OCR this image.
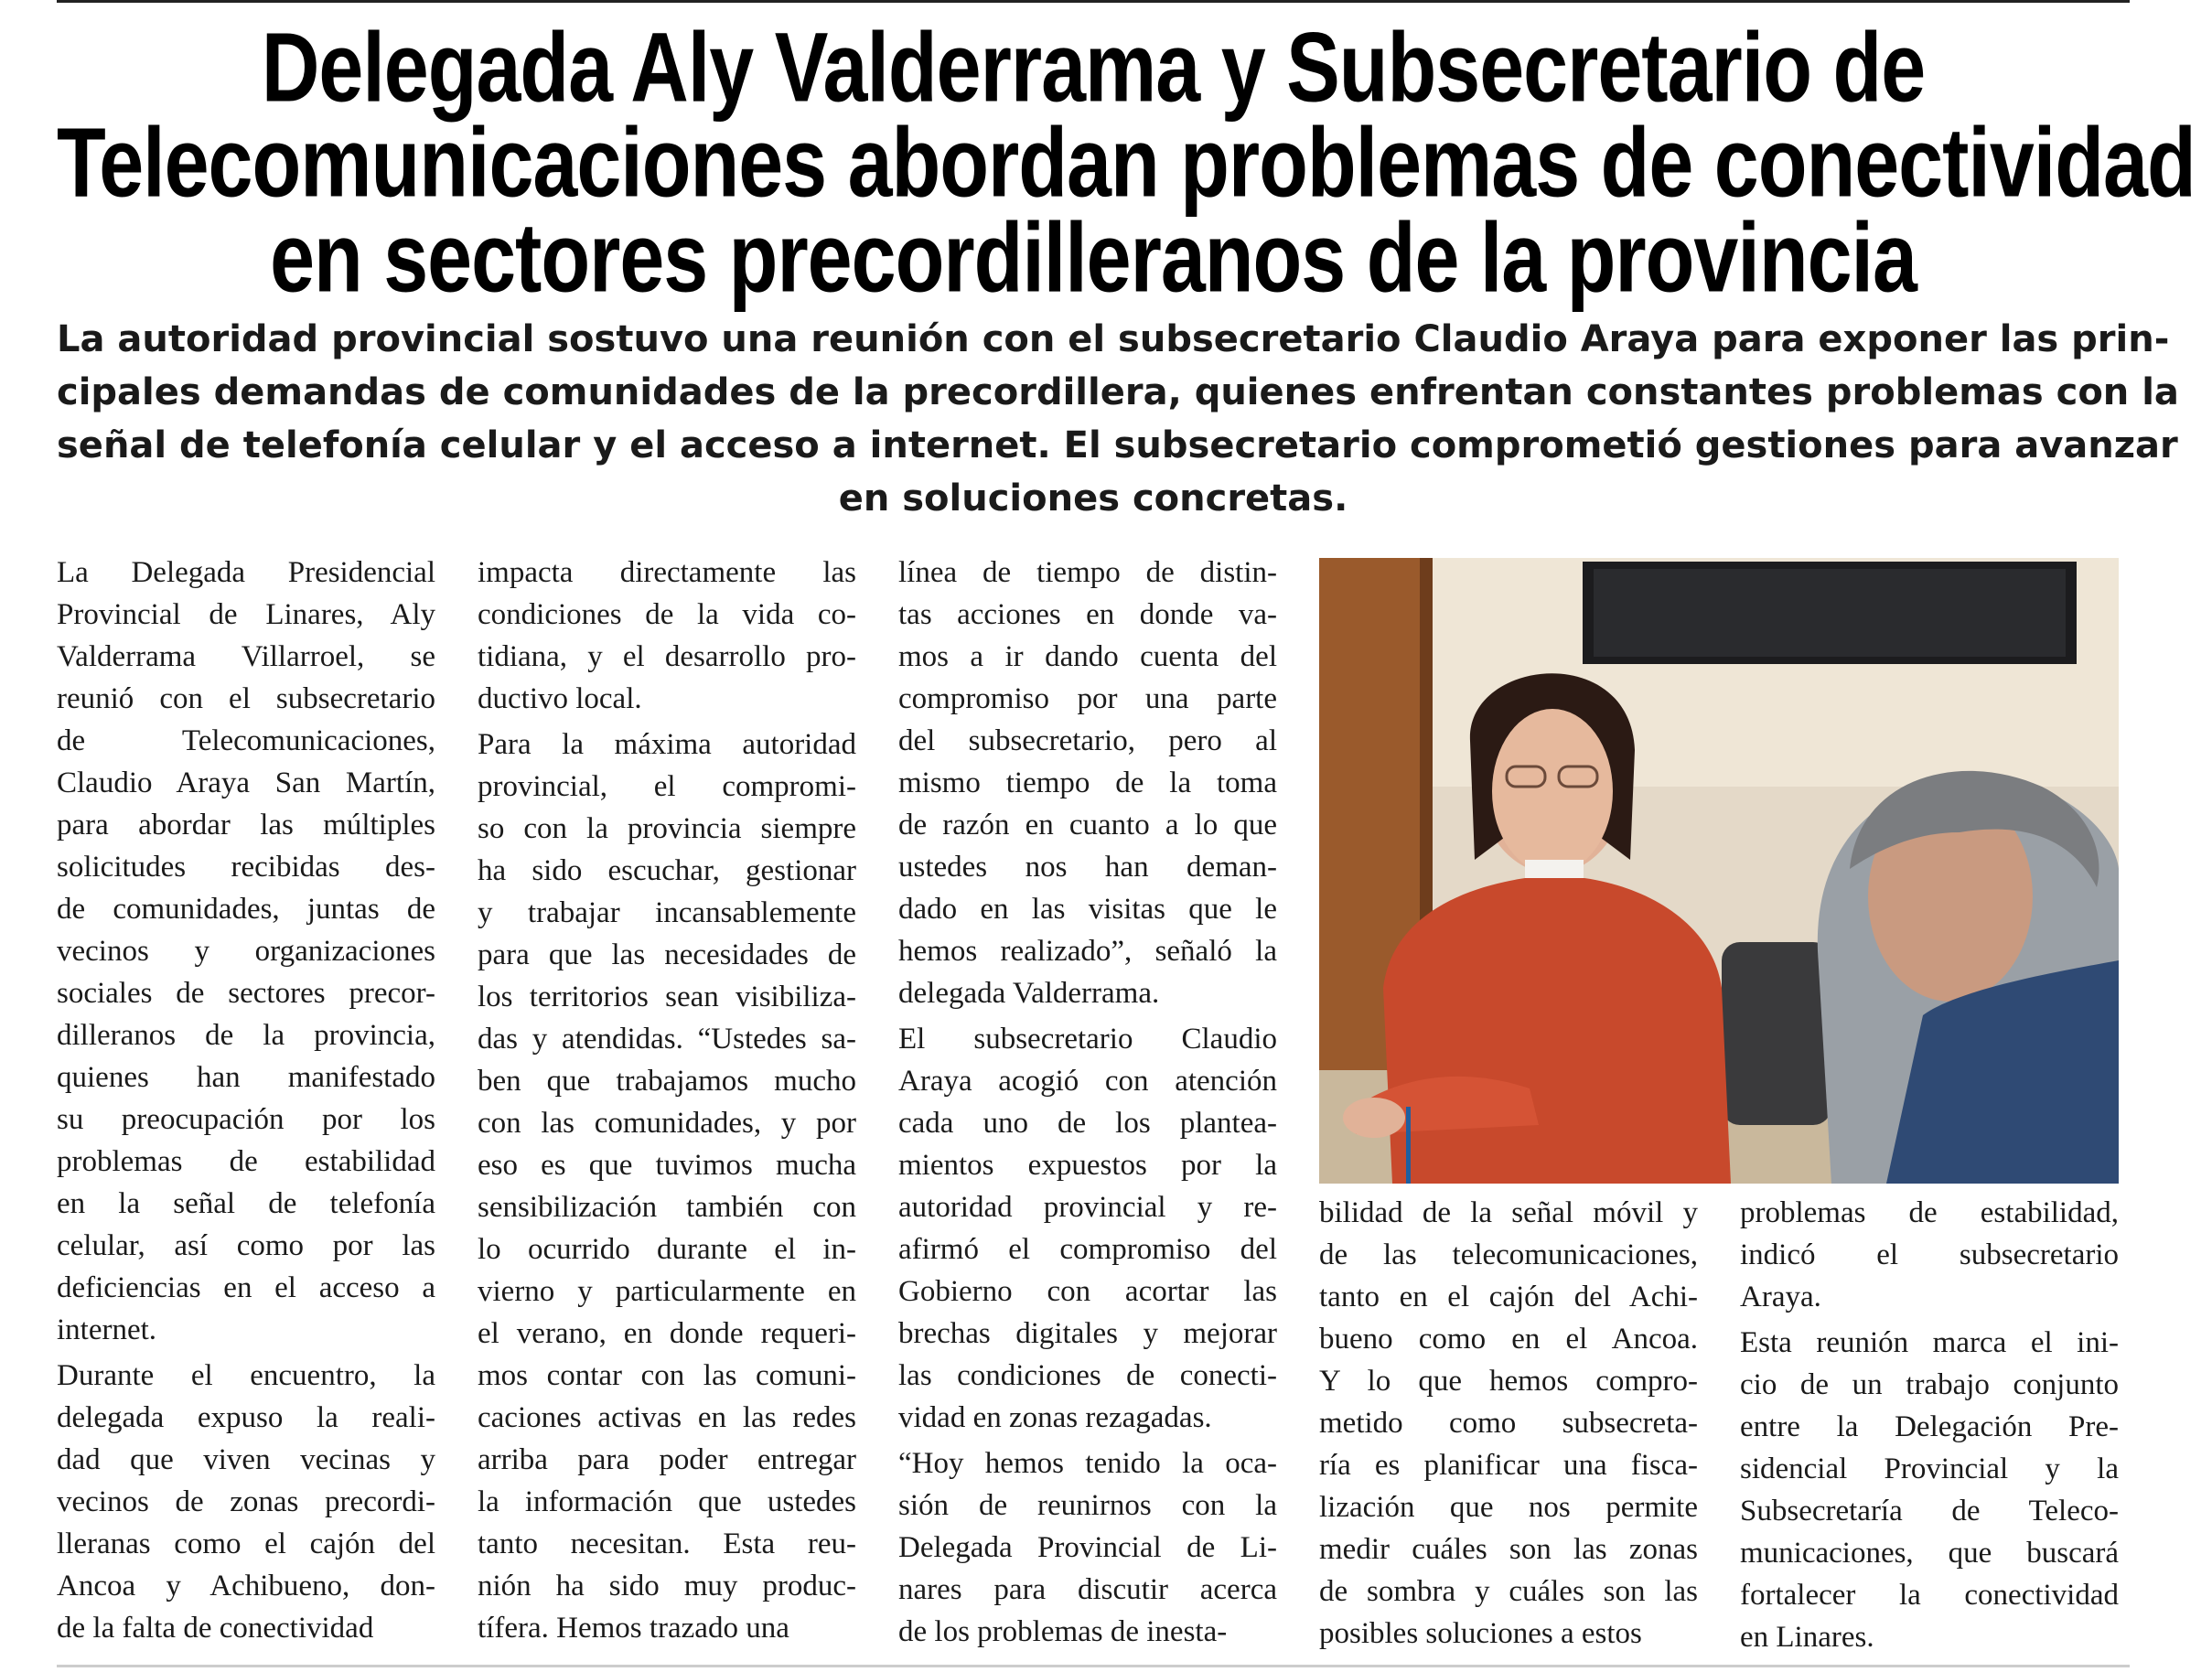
Delegada Aly Valderrama y Subsecretario de
Telecomunicaciones abordan problemas de conectividad
en sectores precordilleranos de la provincia
La autoridad provincial sostuvo una reunión con el subsecretario Claudio Araya para exponer las prin-
cipales demandas de comunidades de la precordillera, quienes enfrentan constantes problemas con la
señal de telefonía celular y el acceso a internet. El subsecretario comprometió gestiones para avanzar
en soluciones concretas.

La Delegada Presidencial
Provincial de Linares, Aly
Valderrama Villarroel, se
reunió con el subsecretario
de Telecomunicaciones,
Claudio Araya San Martín,
para abordar las múltiples
solicitudes recibidas des-
de comunidades, juntas de
vecinos y organizaciones
sociales de sectores precor-
dilleranos de la provincia,
quienes han manifestado
su preocupación por los
problemas de estabilidad
en la señal de telefonía
celular, así como por las
deficiencias en el acceso a
internet.

Durante el encuentro, la
delegada expuso la reali-
dad que viven vecinas y
vecinos de zonas precordi-
lleranas como el cajón del
Ancoa y Achibueno, don-
de la falta de conectividad

impacta directamente las
condiciones de la vida co-
tidiana, y el desarrollo pro-
ductivo local.

Para la máxima autoridad
provincial, el compromi-
so con la provincia siempre
ha sido escuchar, gestionar
y trabajar incansablemente
para que las necesidades de
los territorios sean visibiliza-
das y atendidas. “Ustedes sa-
ben que trabajamos mucho
con las comunidades, y por
eso es que tuvimos mucha
sensibilización también con
lo ocurrido durante el in-
vierno y particularmente en
el verano, en donde requeri-
mos contar con las comuni-
caciones activas en las redes
arriba para poder entregar
la información que ustedes
tanto necesitan. Esta reu-
nión ha sido muy produc-
tífera. Hemos trazado una

línea de tiempo de distin-
tas acciones en donde va-
mos a ir dando cuenta del
compromiso por una parte
del subsecretario, pero al
mismo tiempo de la toma
de razón en cuanto a lo que
ustedes nos han deman-
dado en las visitas que le
hemos realizado”, señaló la
delegada Valderrama.

El subsecretario Claudio
Araya acogió con atención
cada uno de los plantea-
mientos expuestos por la
autoridad provincial y re-
afirmó el compromiso del
Gobierno con acortar las
brechas digitales y mejorar
las condiciones de conecti-
vidad en zonas rezagadas.

“Hoy hemos tenido la oca-
sión de reunirnos con la
Delegada Provincial de Li-
nares para discutir acerca
de los problemas de inesta-

bilidad de la señal móvil y
de las telecomunicaciones,
tanto en el cajón del Achi-
bueno como en el Ancoa.
Y lo que hemos compro-
metido como subsecreta-
ría es planificar una fisca-
lización que nos permite
medir cuáles son las zonas
de sombra y cuáles son las
posibles soluciones a estos

problemas de estabilidad,
indicó el subsecretario
Araya.

Esta reunión marca el ini-
cio de un trabajo conjunto
entre la Delegación Pre-
sidencial Provincial y la
Subsecretaría de Teleco-
municaciones, que buscará
fortalecer la conectividad
en Linares.
